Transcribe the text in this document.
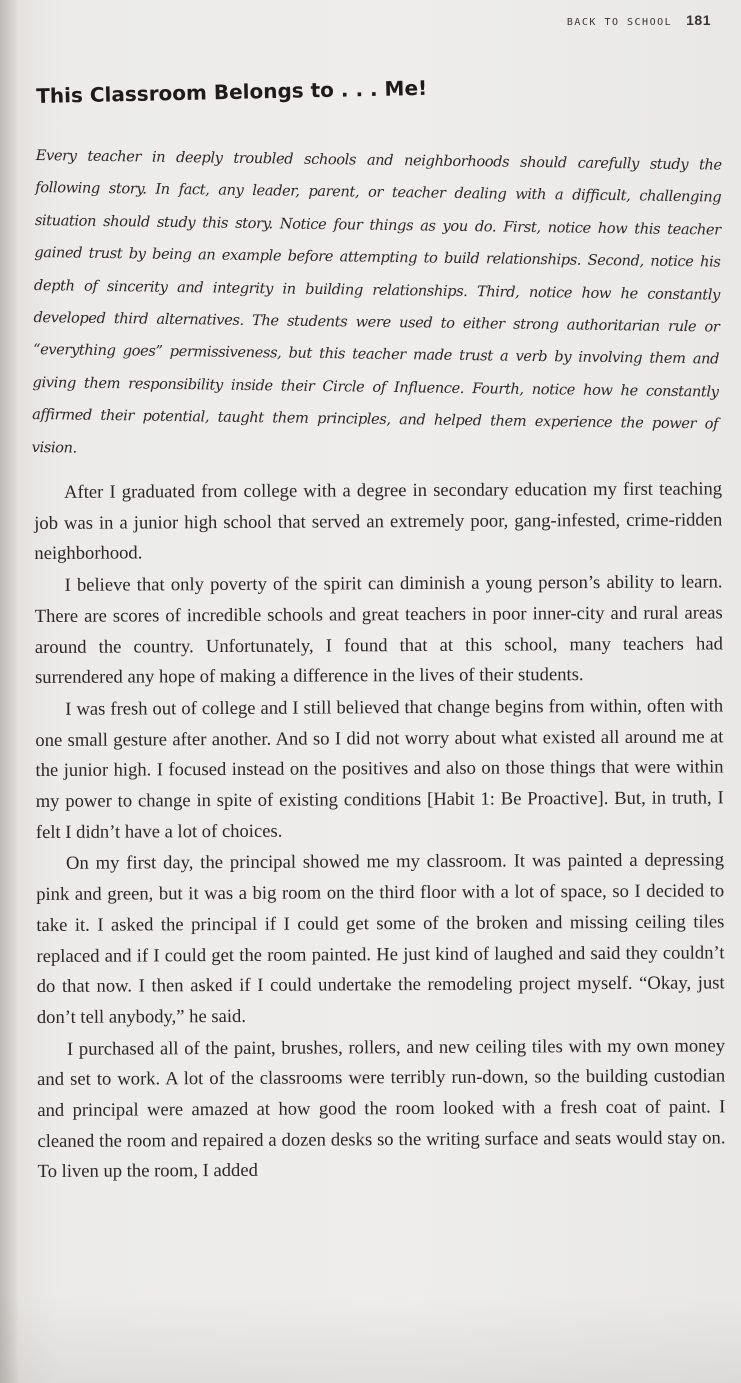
BACK TO SCHOOL 181
This Classroom Belongs to . . . Me!

Every teacher in deeply troubled schools and neighborhoods should carefully study the following story. In fact, any leader, parent, or teacher dealing with a difficult, challenging situation should study this story. Notice four things as you do. First, notice how this teacher gained trust by being an example before attempting to build relationships. Second, notice his depth of sincerity and integrity in building relationships. Third, notice how he constantly developed third alternatives. The students were used to either strong authoritarian rule or “everything goes” permissiveness, but this teacher made trust a verb by involving them and giving them responsibility inside their Circle of Influence. Fourth, notice how he constantly affirmed their potential, taught them principles, and helped them experience the power of vision.

After I graduated from college with a degree in secondary education my first teaching job was in a junior high school that served an extremely poor, gang-infested, crime-ridden neighborhood.

I believe that only poverty of the spirit can diminish a young person’s ability to learn. There are scores of incredible schools and great teachers in poor inner-city and rural areas around the country. Unfortunately, I found that at this school, many teachers had surrendered any hope of making a difference in the lives of their students.

I was fresh out of college and I still believed that change begins from within, often with one small gesture after another. And so I did not worry about what existed all around me at the junior high. I focused instead on the positives and also on those things that were within my power to change in spite of existing conditions [Habit 1: Be Proactive]. But, in truth, I felt I didn’t have a lot of choices.

On my first day, the principal showed me my classroom. It was painted a depressing pink and green, but it was a big room on the third floor with a lot of space, so I decided to take it. I asked the principal if I could get some of the broken and missing ceiling tiles replaced and if I could get the room painted. He just kind of laughed and said they couldn’t do that now. I then asked if I could undertake the remodeling project myself. “Okay, just don’t tell anybody,” he said.

I purchased all of the paint, brushes, rollers, and new ceiling tiles with my own money and set to work. A lot of the classrooms were terribly run-down, so the building custodian and principal were amazed at how good the room looked with a fresh coat of paint. I cleaned the room and repaired a dozen desks so the writing surface and seats would stay on. To liven up the room, I added
